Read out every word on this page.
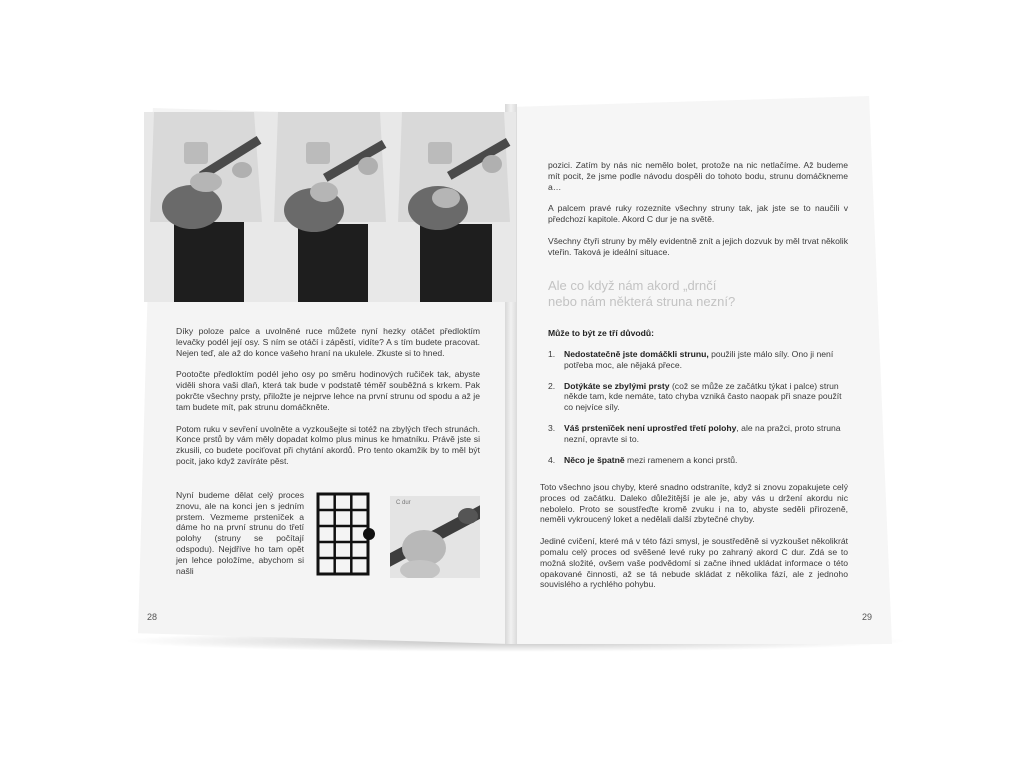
Díky poloze palce a uvolněné ruce můžete nyní hezky otáčet předloktím levačky podél její osy. S ním se otáčí i zápěstí, vidíte? A s tím budete pracovat. Nejen teď, ale až do konce vašeho hraní na ukulele. Zkuste si to hned.

Pootočte předloktím podél jeho osy po směru hodinových ručiček tak, abyste viděli shora vaši dlaň, která tak bude v podstatě téměř souběžná s krkem. Pak pokrčte všechny prsty, přiložte je nejprve lehce na první strunu od spodu a až je tam budete mít, pak strunu domáčkněte.

Potom ruku v sevření uvolněte a vyzkoušejte si totéž na zbylých třech strunách. Konce prstů by vám měly dopadat kolmo plus minus ke hmatníku. Právě jste si zkusili, co budete pociťovat při chytání akordů. Pro tento okamžik by to měl být pocit, jako když zavíráte pěst.

Nyní budeme dělat celý proces znovu, ale na konci jen s jedním prstem. Vezmeme prstenïček a dáme ho na první strunu do třetí polohy (struny se počítají odspodu). Nejdříve ho tam opět jen lehce položíme, abychom si našli

C dur
28

pozici. Zatím by nás nic nemělo bolet, protože na nic netlačíme. Až budeme mít pocit, že jsme podle návodu dospěli do tohoto bodu, strunu domáčkneme a…

A palcem pravé ruky rozeznite všechny struny tak, jak jste se to naučili v předchozí kapitole. Akord C dur je na světě.

Všechny čtyři struny by měly evidentně znít a jejich dozvuk by měl trvat několik vteřin. Taková je ideální situace.

Ale co když nám akord „drnčí
nebo nám některá struna nezní?
Může to být ze tří důvodů:
1. Nedostatečně jste domáčkli strunu, použili jste málo síly. Ono ji není potřeba moc, ale nějaká přece.
2. Dotýkáte se zbylými prsty (což se může ze začátku týkat i palce) strun někde tam, kde nemáte, tato chyba vzniká často naopak při snaze použít co nejvíce síly.
3. Váš prstenïček není uprostřed třetí polohy, ale na pražci, proto struna nezní, opravte si to.
4. Něco je špatně mezi ramenem a konci prstů.

Toto všechno jsou chyby, které snadno odstraníte, když si znovu zopakujete celý proces od začátku. Daleko důležitější je ale je, aby vás u držení akordu nic nebolelo. Proto se soustřeďte kromě zvuku i na to, abyste seděli přirozeně, neměli vykroucený loket a nedělali další zbytečné chyby.

Jediné cvičení, které má v této fázi smysl, je soustředěně si vyzkoušet několikrát pomalu celý proces od svěšené levé ruky po zahraný akord C dur. Zdá se to možná složité, ovšem vaše podvědomí si začne ihned ukládat informace o této opakované činnosti, až se tá nebude skládat z několika fází, ale z jednoho souvislého a rychlého pohybu.

29
